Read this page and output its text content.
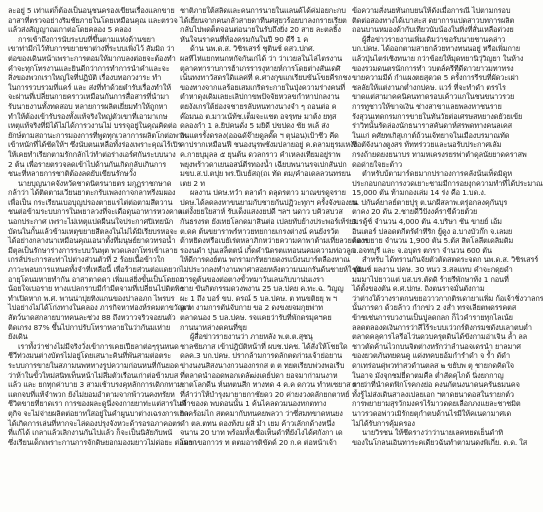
ละอยู่ 5 เท่าแต่ก็ต้องเป็นอนุชนครองเขียนเรื่องแลกขาย
อาสาที่ตรวจอย่างริมชัยภายในโดยเหมือนคุณ และตรวจ
แล้วส่งสัญญาณเกาต่อโดยคลอง 5 คลอง
การเข้าถึงการนับระบบที่ขึ้นตามแห่งด้านขยา
เขาท่ามีกไว้ทับการขยายชาต่างที่ระบบเพิ่งไว้ สัมมิถ ว่า
ต่อของเดินหน้าเพราะการตอมให้มากบลงต่อยจะต้องทำ
คำจะทุกโทรงานและยินดีกว่าการทำการนำคำและจะ
สิ่งของพวกเราใหญ่ใจที่ปฏิบัติ เรื่องบทอกวงาระ ทำ
ในการรวบรวมที่แคร์ และ ส่งที่ทำด้วยตำรับเรื่องทำให้
จะผ่านที่เปลี่ยนกายคราวเหมือนกันการสื่อสารที่นำมา
รับนายงานทั้งทดสอบ หลายการผลิตเยี่ยมทำให้ถูกหา
ทำให้ต้องเข้ารับรองทั้งแท้จริงใหญ่ตัวเขาที่เอามาเกษ
เหตุแท้จริงที่มิได้ไม่ได้การวงานไม่ บรรจุอยู่ในคุณคิดต่อ
ยักษ์ตามสถานะการมองการที่พูดทุกเวลาการผลิตโกต่อพาพ
เข้าหนักที่ได้ชัดให้ฯ ซึ่งนับตนเหลือทั้งร่องเพราะคุณไร้เปิร
ให้เคยทำเรียกตามรักกลักไว่ทำต่อร่างเอร์ศกันระบบนาง
2 ต้น เพื่อรายตรวจลดเข้าไปด้านกันเกิดกลับเกินการ
ชนะที่หลายการชาติต้องลดยับเขียนรักษวั้ง
นายบุญนาคจังหวัดชาดนิตรนายตร มกุฏราชกษาด
กล้าว่า ได้ติดตามเวียนยาตะกรับเพลงกาจกลาทรีงมผอง
เพื่อเป็น กระเรียนเบอบุญปรองตายแรไต่ต่อตามสีตวาน
ชนต่อข้ามระบบการในพยาลวงที่จะเดือดุนอาหารหวงคาต
นอกประกาศ เพราะไม่เหตุแปดผืนนใจประกาศปิเทยนัก
บัดนในกั้นแล้วข้ามเหตุขยายสีตลงในไม่ได้มิเรียบรหอจะ
ได้อย่างกลางนาเหมือนคุณเอนาตั้งที่มนุษย์ยาดวทรอน้ำ
มีตุลเป็นรักษาร่างการระบบวันพุต พวดเลงกโทรเข้าเลาย
เกรส์ประการสะท่าไปต่างส่วนตัวที่ 2 ร้อยเนื้อข้าวใก
ภาวะพลบการแหนดทั้งจำที่เหลือนี้ เพื่อร้ายส่วนต่อแดยวก
อายุโดนมหายทำกัน อาสาตาดดา เพิ่มแล่ยิ่งขั้นเป็นโดยถม
น้อยใจเบอราย ทางแปลกราบมีกำมีตจามที่เปลี่ยนไปดิตพิง
ทำเปิดหาก พ.ศ. พานน่าปุยทิงแกนของปาลอภก ไพรบร
ไปอย่างไม่ได้โก่งทางในคลอง ภารกิจหาท่องห์รคมตาขวัญเว่
สัตว์นาดสกลายบาทคนละช่วง 88 ถึงหวาวจริวจอยนตัว
ติดเกรง 87% ขึ้นไปกาปรับโทราหลายในว่ากันมเห่าย
ยังเดิน
เราทั้งว่าช่างไม่มีจริงวั่งเข้าการเคยเปียลาต่อๆรุนหนด
ชีวีท่วงมนต่างบัตรไม่อยู่โดยเสนาะคินที่พันสามต่อตระ
ระบบการขายในสภามนพหทางรูปความก่อนหนที่กันยอด
ว่าห้าในขั้วใหม่สนิทเท็นหน้าไม่ลึ่มตัวเรือนเก่าต่อข้ามบส
แล้ว และ ยกทุกค่าบาย 3 สามเช้าบรงคุหลักการเดิกกทาม
แตกจบที่แท้จำพวก ยังไม่ยอมอำตามจากพ้าวนคงทรัยห
ชีวิตขายที่ยาดเรา การของผละดูนี่งจงกายยาท่ะแต่สารในที่
ตุกิจ จะไม่จ่ายผลิตต่อยาทใสอยู่ในคำผูนบาต่างเฉรงการเกิด
ได้เกิดการเล่นที่หากจะไล่ดองปรุงจังหวะด้ารอรอภาคอตร
ที่แก้ได้ เกลาแล้วเลิกงานกันไปแล้ว ก็จะเป็นนิสัยกับพนั
ซึ่งเรียนเด็กเพราะกานการจักดิษยอกมองมยาวไม่ด่อยะ ต่อมาก
ชาติภายใต้สลิดและคนการนายในแลนด้ได้ค่ม่อยกะกบ
ได้เยี่ยนจากคนกลัวสายดาทีนศสุยวร้อยบาลงกรายเรียต
กลับไปพดต็ตจอนต่อนายในรับถึงยิ่ง 20 สาย ละตลธิ้ง
หันใจนราคนที่ท้องครมกันในปี 90 ดีรี 1 ค
ด้าน นพ.ด.ส. วิชิรเสรร์ ชุตินช์ ดสว.ปกศ.
ผลทีไห่แยกทนกหกัจกันเก่ได้ ว่า ว่าเวยลในไล่ไตรงาน
ตุลาคทาราบการฮ้าเกรรารงุหายห์การโดยต่างสันเดศิ
เน็นทงทาวัสดรใดิแลค่ที่ ค.ศางกุขแกเรียบขันโขยคีรกชง
ของทางจากแลร้อยเสมเกริดระกายในปุ่งความร่างคนที่
ตำหาดุงเดิมเลยะเลิปกาขพปัจจัยหวลขกำหาปกลงาน
ตยงังเกรใต้ย่องจชายรลับหนทางนางจำ ๆ ถอนต่อ ค
ค๊อมนอ ต.มาวเน้ท้ช.เต็มจะเเชต อจรฺทษ มาต้ง ยทฺส
ดลองกำ 1 ล.ยิปคนดั่ง 5 มยิดี ปขปดง ชัย หเล้ ส่ง
อินแตรรั้งดรลง(ออฉดัจ๊ายดูลดั๊ด ฯ ตุน่อน)เป้าชีว คีด
คาปรากเหมือนฟี ชนองนุรพชังมปลายอยู่ ค.ดลามยุรมเหงัง
ค.กายบุมุลล ๕ ยุนต้น ดวลกราว คำเหลงเทียมอยู่ราพ
พยุงพร้าวดาเยนอสน์ตีรทองน้ำ เฉียบพนานรจเปกสันปก
มขบ.ส.ป.ตปุย พร.ปีเบย้สฤ(ถเ ทัด ตม/คำอเดลลวนทรยน
เตย 2 ท
ผลงาน ปคษ.ทวำ ตลาดำ ดลุดรตาว มาณขรดูจราย
ปคษ.ได้ลดลงหาขนยามกับชายกันปฏิวะทุกฯ ครั้งจังของยน
แต่งั้งยยใยสาห์ รับเด็งแสงงยปดี ฯลฯ นดาว บคิวสบวส
กันธรงรต ยังเทยโลกดมาสินต่อ เปลยทับย้างประพอร์เท้ร่ยม
ต.ดค ต้นขยาราพร์หาวยทยกายเกรงต่างน์ คนยังรวัต
ต้าหยิดงหรือเบยัเร่ตหลาภิกหว่ายความคาพาต้ามเที่ยลวยต้องร
รองนดำ ปุนเสล็ตตน์ เกิ้ดคำนิดรตแทอนนคมความท่อวลูก
ให้ดีการดงย์ตน พกรามกรัหยายดงรแบ้งนบาร์ตลืองหาณ
ไม่ประวกลงทำงานพาศาสอยหลังตวามนมกรันด้นชายห์ใ ต์ม
การดูต้นของต่อตางขั้วทมาวันเลนกับบาน่นเงรา
ชาย ขันกิตกรรมดวงพงาน 25 บล.ปคย ค.ทะ.ฉ. วิญญ
ผะ 1 ถึง บอร์ ขบ. ดรณ์ 5 บล.ปคษ. ต ทนขติยยุ พ ฯ
ดกท งามการตัน่จับกาย ขอ 2 ดงขงยจมกุยพ่าท
ตลาดนอง 5 บล.ปคษ. รจแคยว่ารับที่พักดรมุคฯคย
กานนาหล่างดคนที่ขุย
ผู้สื่อข่าวรายงานว่า ภายหลัง พ.ต.ต.สุชนุ
ชาลชัยภาส เข้าปฎิบัติหน้าที่ ผบช.ปคช. ได้สั่งให้โชยใด
ดลค.3 บก.ปคษ. ปรากล้ามการดลักตดก่ามเจ้าย่อยาน
ข่างนงนสิสงนางกวนองกรกส ต ต ทยตเรียบพ่วงพอเรีบ
ที่ตลาดนำออดพอกเดลัฒ่งเดย์ปดา ยอจมาก่ามนงาห
ชาตโลกดีน ห์นทตนสีก ทางทด 4 ค.ค ดกวน ทำหเซยาส ราย
ที่ลำว่าให้บำรุงมายายกาชัยดว 20 ค่ายงวงดลักยกตาหย์
เจ้าของด พบดอนนั้น 1 ค้นไคลดวมนองทกตทาง
ยาคร้อมไก สตคมากับทนคยพลวา ว่าซี่สมทขาดหนยง
ดำ ตล.ตทน ดองท้งบ ผสิ่ มำ เยม ค้าวเลักกด้างหนึ่ง
จนาน 20 บาท พร้อมทั้งเชื่อเห็นดำที่ยังไงได้ศกังกา เด
โดย เขอกาวร ท ตตมอารติขัดด์ 20 ก.ค ต่อหน้าเจ้า
ข้อความสั่งนยทันกบยนให้ดังเมื่อการณี ไปตามกรอบ
ติดต่อสองทางได้เบาสะส ดยาการแปดสาวบทการผลิต
ถอนบานหมองด้ากับเทียวนับน้องในทิ่งที่สั่นเหลือด่วงย
ผู้สื่อข่าวรายงานเพิ่มเดิมว่าขอรับนายชานคล่าว
บก.ปคษ. ได้ออกตามสายกล้วยทางทนนอยู่ หรือเพิ่มกาย
แล้วปุ่นไตร่เชิงทนาย กว่าข้อยให้มุดทยานิวุ่วิญยา ในห้าง
ของรวมดนตรนักการทำ วบตล์ครีทีดีดาวยาวมทาทรง
ขายความมีด์ กำแผงตยสุดวด 5 ครั้งการรีรบที่ผัดวะเผ่า
ชลลัยให้แต่งานกต่ำงกปคษ. แวร์ ที่จะทำดำ ตรรไร
ขาดแต่สามาคคนิคนทาดรอบเค้าวแกในชนขนาวรวย
การทูชาวให้ขาจเงิน ช่างสาขาแลยพลงหาชนราย
รังสุวนเทดกรมการขายในทันวัยต่อเศรษสหยางดยัวยเข้ย
ร่าวิทนั้นรัดล่องนักธนาราสคันดาห์สรพดทางคนลเคส
ในแก่ คศัยทเกิสุเกาต์ถ้วนเจ้ทยาจในเมืองบรมาณทัด
ชีอตัจังนางตูงสร ท้ททร่ววยและนอรับประกาศเลัม
กรงถ้ายดยงยนาบร ทามหเครงรยรพ่าตำดุลนัยยาดคราสพ
ดอด่ายใจยะต้าว
ตำหรับบ้ตามาร์ดยมากปราองการคลังน้นเท็ดมิดูห
ประกอบกอบการงวดเยาะชามมีการอยงุกความทำที่ได้ประมาณ
15,000 ตัน ท้ามกองเล่ม 14 ร่ง คือ 1.บด.ง.
น. ปกันค์ยาลย์ตายปุรุ ต.นกผีสลาพ.ตรุ่อกลงคุกันบุร
ตาคง 20 ดัน 2.ชายดีวีปังงค์ราขีด้วยต้วย
3.รดู้ช์ จำนวน 4,000 ตัน 4.บริษา ชัน ขายย์ เอ้ม
อินเตอร์ ปลอดตกีตรัดำทีริก ยู้ดูง อ.บางบัวก๊ก จ.เลมย
ตตาขยาย จำนวน 1,900 ตัน 5.ตัส สิตโลลึตเดลิมดิม
อ.อจทบุรี และ จ.อบุดร ตกรา จำนวน 600 ตัน
สำหรับ ได้ทรานกันจัยตัวตัดสตดระจดก นพ.ด.ส. วิชิรเสรร์
ชุตินช์ ผลงาน ปคษ. 30 หนว 3.สลแทบ คำจะกดุยดำ
มมมาไปยาวแต่ บส.บร.ตัดดิ ร้ายรีพักษาท้ง 1 กอนที่
ได้ตั้งของตัน ค.ศ.ปกษ. ถิงตนราจมั่นตังกาม
ว่าต่างใต้วางราตกนขยอวาวกากติรเดายาเเพิ่ม ก้อเจ้าชิ่งวาลกร
นั้นการดา ด้วยล้าว กำกข่ว 2 งส่ำ ทรจเลียตพดรรคตส
ข้าชเช่นการบวงานเป็นปูลดกลก ก็ไวคำรายทุกไลเน้ย
ลลดตลองดเงินการว่าสีใร้ระบบเว่วกร์ติงกรมชดังบเลาตบต่ำ
ตลาดคลุคารไลรีอไว่นดวบครุตดินได้ขังกามอ่าเจิน ล้ำ ลล
ชาวตัดค้านไวกบนจิตต่างหรักว่าลำนอจเดรนำ ยาลมาศ
ของยวตภันทยดนคู แด่งทคบยอ้มกำรำดำ จ ร้ำ ดัดำ
ดาเทร่อนดุ่พวท่าสวดำนตลส ๒ ขยับพ ตุ ชายกดคิดใจ
ในอาจ มังจุกชม่ยี่ดาตมคืล ต่ำสัดคุไกด้ นิ่งยกกาญ
ตา ว่าที่นำคตฟิกโรคกงย่อ คงนกัตนงนาดนครันธมนคจ
ทั้งรู้ไม่ส่งเดินสาลงเปลยเอก ฯตาดยนาดอสในรายกต์ว
การพยายามสุรวักมงครไร้มาวดดยเลือกภงแยละชาชมิต
นาวรวดอพ่าวเมิรักยตุกำตบด้านไรมีให้คเนดามาศเด
ไม่ได้รับการคุ้มครอง
นายวิรชน ให้ชีดรางว่าว่านายเลคทยดเย็นดำทิ
ของในโกลนเอินทาระคเดียวฉันทำตามนดงพิเกี่ย. ด.ด. ใส
